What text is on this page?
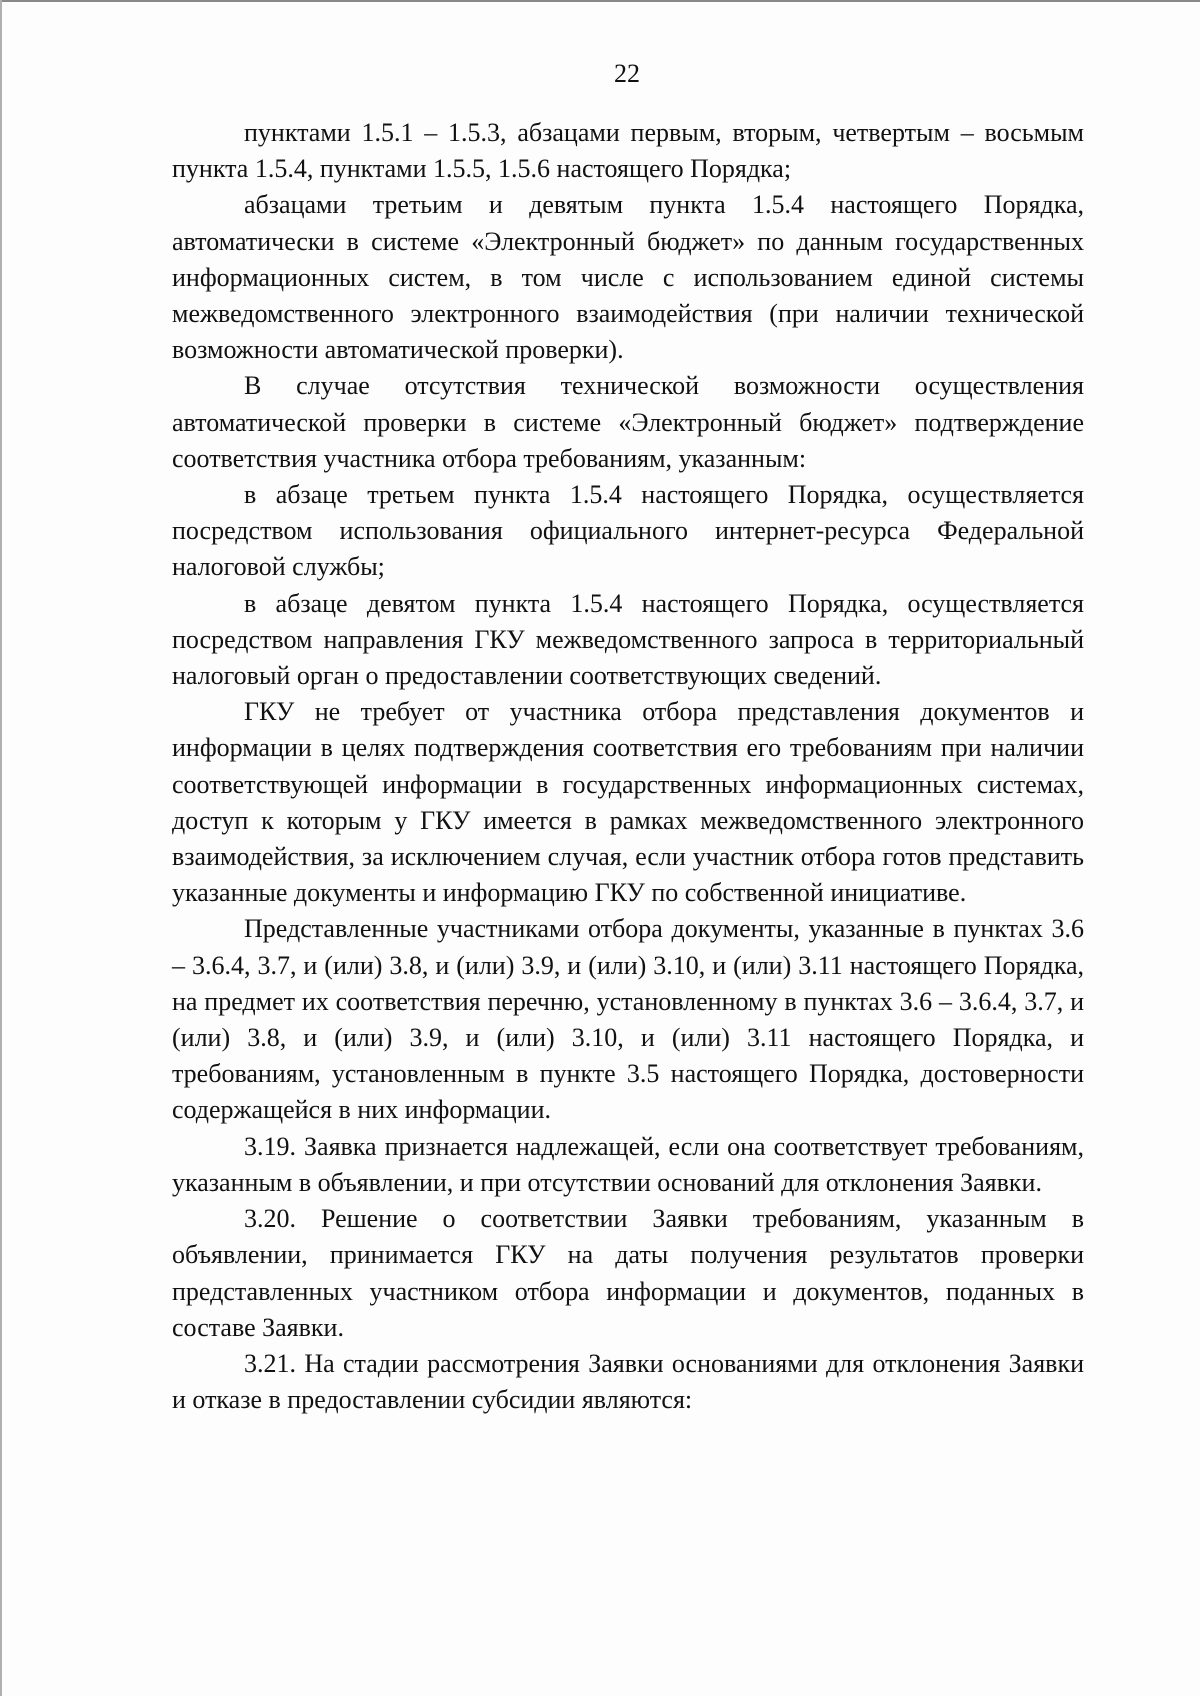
22

пунктами 1.5.1 – 1.5.3, абзацами первым, вторым, четвертым – восьмым пункта 1.5.4, пунктами 1.5.5, 1.5.6 настоящего Порядка;

абзацами третьим и девятым пункта 1.5.4 настоящего Порядка, автоматически в системе «Электронный бюджет» по данным государственных информационных систем, в том числе с использованием единой системы межведомственного электронного взаимодействия (при наличии технической возможности автоматической проверки).

В случае отсутствия технической возможности осуществления автоматической проверки в системе «Электронный бюджет» подтверждение соответствия участника отбора требованиям, указанным:

в абзаце третьем пункта 1.5.4 настоящего Порядка, осуществляется посредством использования официального интернет-ресурса Федеральной налоговой службы;

в абзаце девятом пункта 1.5.4 настоящего Порядка, осуществляется посредством направления ГКУ межведомственного запроса в территориальный налоговый орган о предоставлении соответствующих сведений.

ГКУ не требует от участника отбора представления документов и информации в целях подтверждения соответствия его требованиям при наличии соответствующей информации в государственных информационных системах, доступ к которым у ГКУ имеется в рамках межведомственного электронного взаимодействия, за исключением случая, если участник отбора готов представить указанные документы и информацию ГКУ по собственной инициативе.

Представленные участниками отбора документы, указанные в пунктах 3.6 – 3.6.4, 3.7, и (или) 3.8, и (или) 3.9, и (или) 3.10, и (или) 3.11 настоящего Порядка, на предмет их соответствия перечню, установленному в пунктах 3.6 – 3.6.4, 3.7, и (или) 3.8, и (или) 3.9, и (или) 3.10, и (или) 3.11 настоящего Порядка, и требованиям, установленным в пункте 3.5 настоящего Порядка, достоверности содержащейся в них информации.

3.19. Заявка признается надлежащей, если она соответствует требованиям, указанным в объявлении, и при отсутствии оснований для отклонения Заявки.

3.20. Решение о соответствии Заявки требованиям, указанным в объявлении, принимается ГКУ на даты получения результатов проверки представленных участником отбора информации и документов, поданных в составе Заявки.

3.21. На стадии рассмотрения Заявки основаниями для отклонения Заявки и отказе в предоставлении субсидии являются:
